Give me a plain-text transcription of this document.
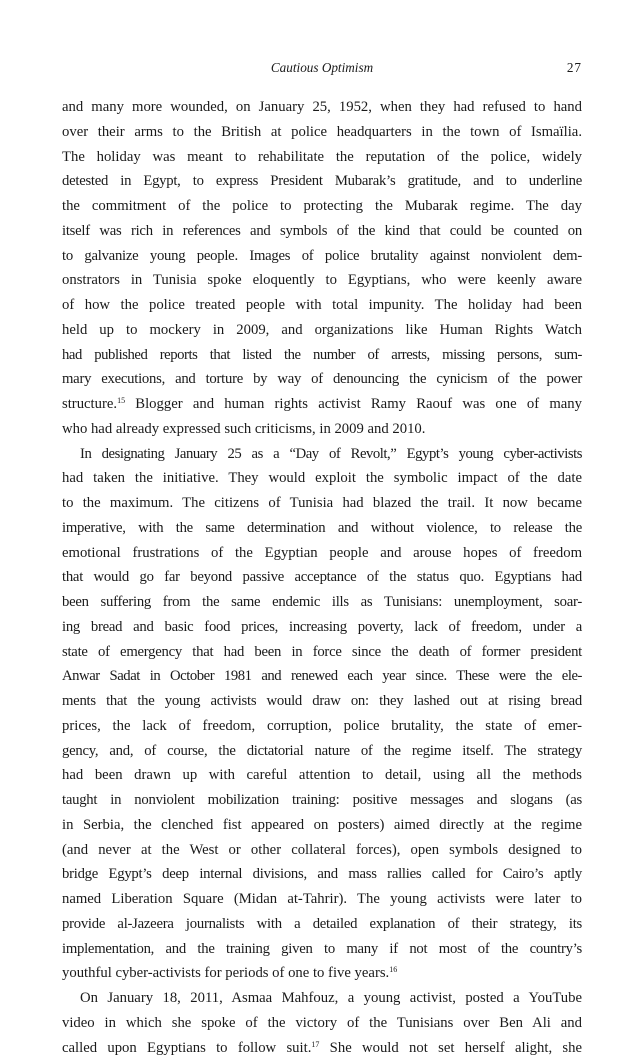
Cautious Optimism	27
and many more wounded, on January 25, 1952, when they had refused to hand
over their arms to the British at police headquarters in the town of Ismaïlia.
The holiday was meant to rehabilitate the reputation of the police, widely
detested in Egypt, to express President Mubarak’s gratitude, and to underline
the commitment of the police to protecting the Mubarak regime. The day
itself was rich in references and symbols of the kind that could be counted on
to galvanize young people. Images of police brutality against nonviolent dem-
onstrators in Tunisia spoke eloquently to Egyptians, who were keenly aware
of how the police treated people with total impunity. The holiday had been
held up to mockery in 2009, and organizations like Human Rights Watch
had published reports that listed the number of arrests, missing persons, sum-
mary executions, and torture by way of denouncing the cynicism of the power
structure.$^{15}$ Blogger and human rights activist Ramy Raouf was one of many
who had already expressed such criticisms, in 2009 and 2010.
In designating January 25 as a “Day of Revolt,” Egypt’s young cyber-activists
had taken the initiative. They would exploit the symbolic impact of the date
to the maximum. The citizens of Tunisia had blazed the trail. It now became
imperative, with the same determination and without violence, to release the
emotional frustrations of the Egyptian people and arouse hopes of freedom
that would go far beyond passive acceptance of the status quo. Egyptians had
been suffering from the same endemic ills as Tunisians: unemployment, soar-
ing bread and basic food prices, increasing poverty, lack of freedom, under a
state of emergency that had been in force since the death of former president
Anwar Sadat in October 1981 and renewed each year since. These were the ele-
ments that the young activists would draw on: they lashed out at rising bread
prices, the lack of freedom, corruption, police brutality, the state of emer-
gency, and, of course, the dictatorial nature of the regime itself. The strategy
had been drawn up with careful attention to detail, using all the methods
taught in nonviolent mobilization training: positive messages and slogans (as
in Serbia, the clenched fist appeared on posters) aimed directly at the regime
(and never at the West or other collateral forces), open symbols designed to
bridge Egypt’s deep internal divisions, and mass rallies called for Cairo’s aptly
named Liberation Square (Midan at-Tahrir). The young activists were later to
provide al-Jazeera journalists with a detailed explanation of their strategy, its
implementation, and the training given to many if not most of the country’s
youthful cyber-activists for periods of one to five years.$^{16}$
On January 18, 2011, Asmaa Mahfouz, a young activist, posted a YouTube
video in which she spoke of the victory of the Tunisians over Ben Ali and
called upon Egyptians to follow suit.$^{17}$ She would not set herself alight, she
